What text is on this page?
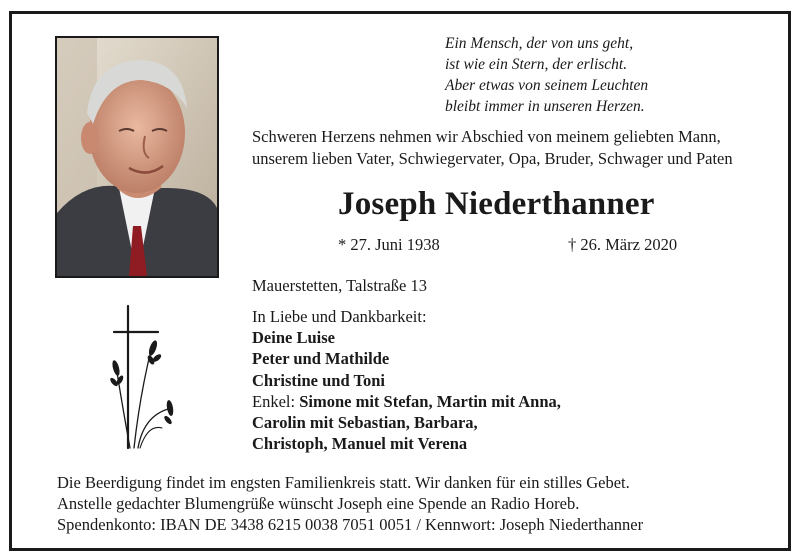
Ein Mensch, der von uns geht,
ist wie ein Stern, der erlischt.
Aber etwas von seinem Leuchten
bleibt immer in unseren Herzen.
Schweren Herzens nehmen wir Abschied von meinem geliebten Mann,
unserem lieben Vater, Schwiegervater, Opa, Bruder, Schwager und Paten
Joseph Niederthanner
* 27. Juni 1938	† 26. März 2020
Mauerstetten, Talstraße 13
In Liebe und Dankbarkeit:
Deine Luise
Peter und Mathilde
Christine und Toni
Enkel: Simone mit Stefan, Martin mit Anna,
Carolin mit Sebastian, Barbara,
Christoph, Manuel mit Verena
Die Beerdigung findet im engsten Familienkreis statt. Wir danken für ein stilles Gebet.
Anstelle gedachter Blumengrüße wünscht Joseph eine Spende an Radio Horeb.
Spendenkonto: IBAN DE 3438 6215 0038 7051 0051 / Kennwort: Joseph Niederthanner
